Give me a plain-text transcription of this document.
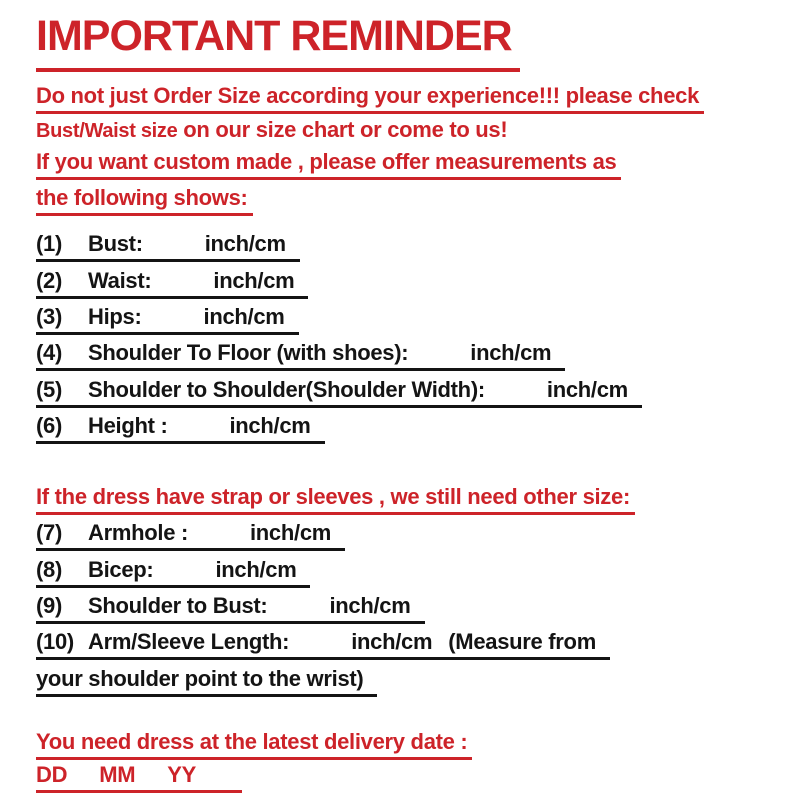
IMPORTANT REMINDER
Do not just Order Size according your experience!!! please check
Bust/Waist size on our size chart or come to us!
If you want custom made , please offer measurements as
the following shows:
(1) Bust:	inch/cm
(2) Waist:	inch/cm
(3) Hips:	inch/cm
(4) Shoulder To Floor (with shoes):	inch/cm
(5) Shoulder to Shoulder(Shoulder Width):	inch/cm
(6) Height :	inch/cm
If the dress have strap or sleeves , we still need other size:
(7) Armhole :	inch/cm
(8) Bicep:	inch/cm
(9) Shoulder to Bust:	inch/cm
(10) Arm/Sleeve Length:	inch/cm (Measure from
your shoulder point to the wrist)
You need dress at the latest delivery date :
DD MM YY
